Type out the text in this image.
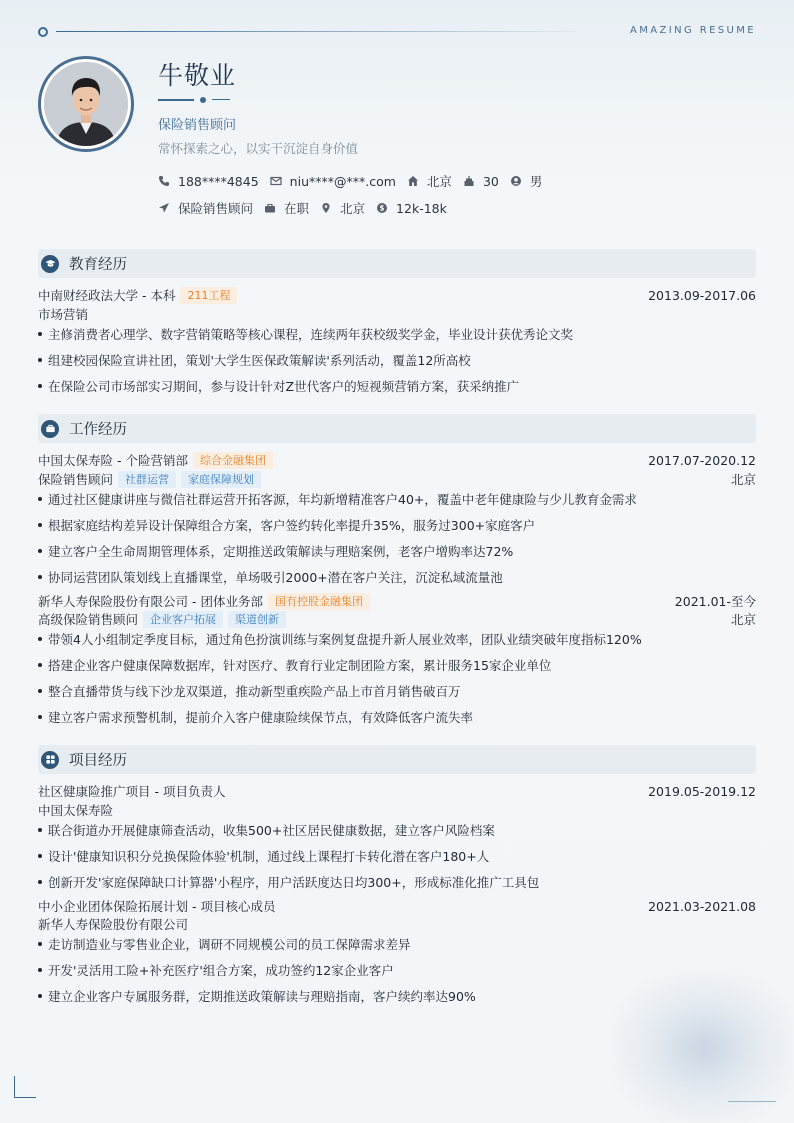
AMAZING RESUME
牛敬业
保险销售顾问
常怀探索之心，以实干沉淀自身价值
188****4845 niu****@***.com 北京 30 男
保险销售顾问 在职 北京 12k-18k
教育经历
中南财经政法大学 - 本科	211工程	2013.09-2017.06
市场营销
主修消费者心理学、数字营销策略等核心课程，连续两年获校级奖学金，毕业设计获优秀论文奖
组建校园保险宣讲社团，策划'大学生医保政策解读'系列活动，覆盖12所高校
在保险公司市场部实习期间，参与设计针对Z世代客户的短视频营销方案，获采纳推广
工作经历
中国太保寿险 - 个险营销部	综合金融集团	2017.07-2020.12
保险销售顾问	社群运营	家庭保障规划	北京
通过社区健康讲座与微信社群运营开拓客源，年均新增精准客户40+，覆盖中老年健康险与少儿教育金需求
根据家庭结构差异设计保障组合方案，客户签约转化率提升35%，服务过300+家庭客户
建立客户全生命周期管理体系，定期推送政策解读与理赔案例，老客户增购率达72%
协同运营团队策划线上直播课堂，单场吸引2000+潜在客户关注，沉淀私域流量池
新华人寿保险股份有限公司 - 团体业务部	国有控股金融集团	2021.01-至今
高级保险销售顾问	企业客户拓展	渠道创新	北京
带领4人小组制定季度目标，通过角色扮演训练与案例复盘提升新人展业效率，团队业绩突破年度指标120%
搭建企业客户健康保障数据库，针对医疗、教育行业定制团险方案，累计服务15家企业单位
整合直播带货与线下沙龙双渠道，推动新型重疾险产品上市首月销售破百万
建立客户需求预警机制，提前介入客户健康险续保节点，有效降低客户流失率
项目经历
社区健康险推广项目 - 项目负责人	2019.05-2019.12
中国太保寿险
联合街道办开展健康筛查活动，收集500+社区居民健康数据，建立客户风险档案
设计'健康知识积分兑换保险体验'机制，通过线上课程打卡转化潜在客户180+人
创新开发'家庭保障缺口计算器'小程序，用户活跃度达日均300+，形成标准化推广工具包
中小企业团体保险拓展计划 - 项目核心成员	2021.03-2021.08
新华人寿保险股份有限公司
走访制造业与零售业企业，调研不同规模公司的员工保障需求差异
开发'灵活用工险+补充医疗'组合方案，成功签约12家企业客户
建立企业客户专属服务群，定期推送政策解读与理赔指南，客户续约率达90%
